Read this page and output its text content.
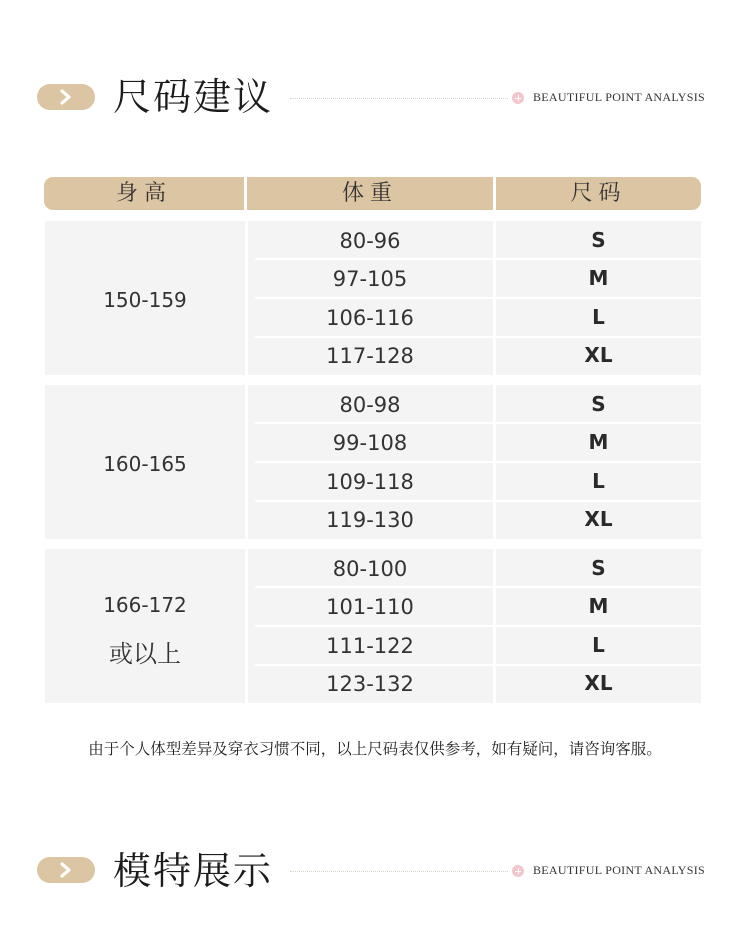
尺码建议	BEAUTIFUL POINT ANALYSIS
身高	体重	尺码
150-159
80-96	S
97-105	M
106-116	L
117-128	XL
160-165
80-98	S
99-108	M
109-118	L
119-130	XL
166-172
或以上
80-100	S
101-110	M
111-122	L
123-132	XL
由于个人体型差异及穿衣习惯不同，以上尺码表仅供参考，如有疑问，请咨询客服。
模特展示	BEAUTIFUL POINT ANALYSIS
